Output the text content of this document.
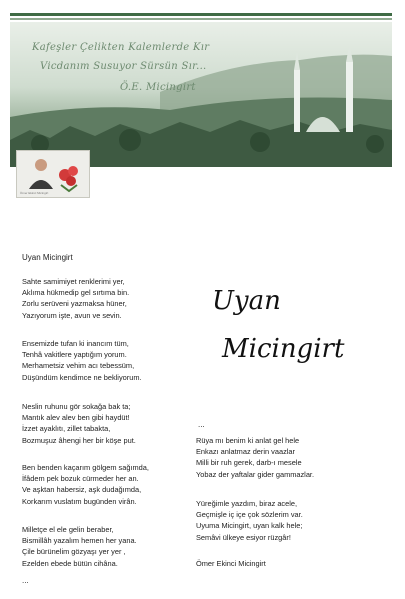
Kafeşler Çelikten Kalemlerde Kır
Vicdanım Susuyor Sürsün Sır...
Ö.E. Micingirt
Ömer Ekinci Micingirt
Uyan Micingirt
Sahte samimiyet renklerimi yer,
Aklıma hükmedip gel sırtıma bin.
Zorlu serüveni yazmaksa hüner,
Yazıyorum işte, avun ve sevin.
Ensemizde tufan ki inancım tüm,
Tenhâ vakitlere yaptığım yorum.
Merhametsiz vehim acı tebessüm,
Düşündüm kendimce ne bekliyorum.
Neslin ruhunu gör sokağa bak ta;
Mantık alev alev ben gibi haydüt!
İzzet ayaklıtı, zillet tabakta,
Bozmuşuz âhengi her bir köşe put.
Ben benden kaçarım gölgem sağımda,
İfâdem pek bozuk cürmeder her an.
Ve aşktan habersiz, aşk dudağımda,
Korkarım vuslatım bugünden virân.
Milletçe el ele gelin beraber,
Bismillâh yazalım hemen her yana.
Çile bürünelim gözyaşı yer yer ,
Ezelden ebede bütün cihâna.
...
Uyan
Micingirt
...
Rüya mı benim ki anlat gel hele
Enkazı anlatmaz derin vaazlar
Milli bir ruh gerek, darb-ı mesele
Yobaz der yaftalar gider gammazlar.
Yüreğimle yazdım, biraz acele,
Geçmişle iç içe çok sözlerim var.
Uyuma Micingirt, uyan kalk hele;
Semâvi ülkeye esiyor rüzgâr!
Ömer Ekinci Micingirt
